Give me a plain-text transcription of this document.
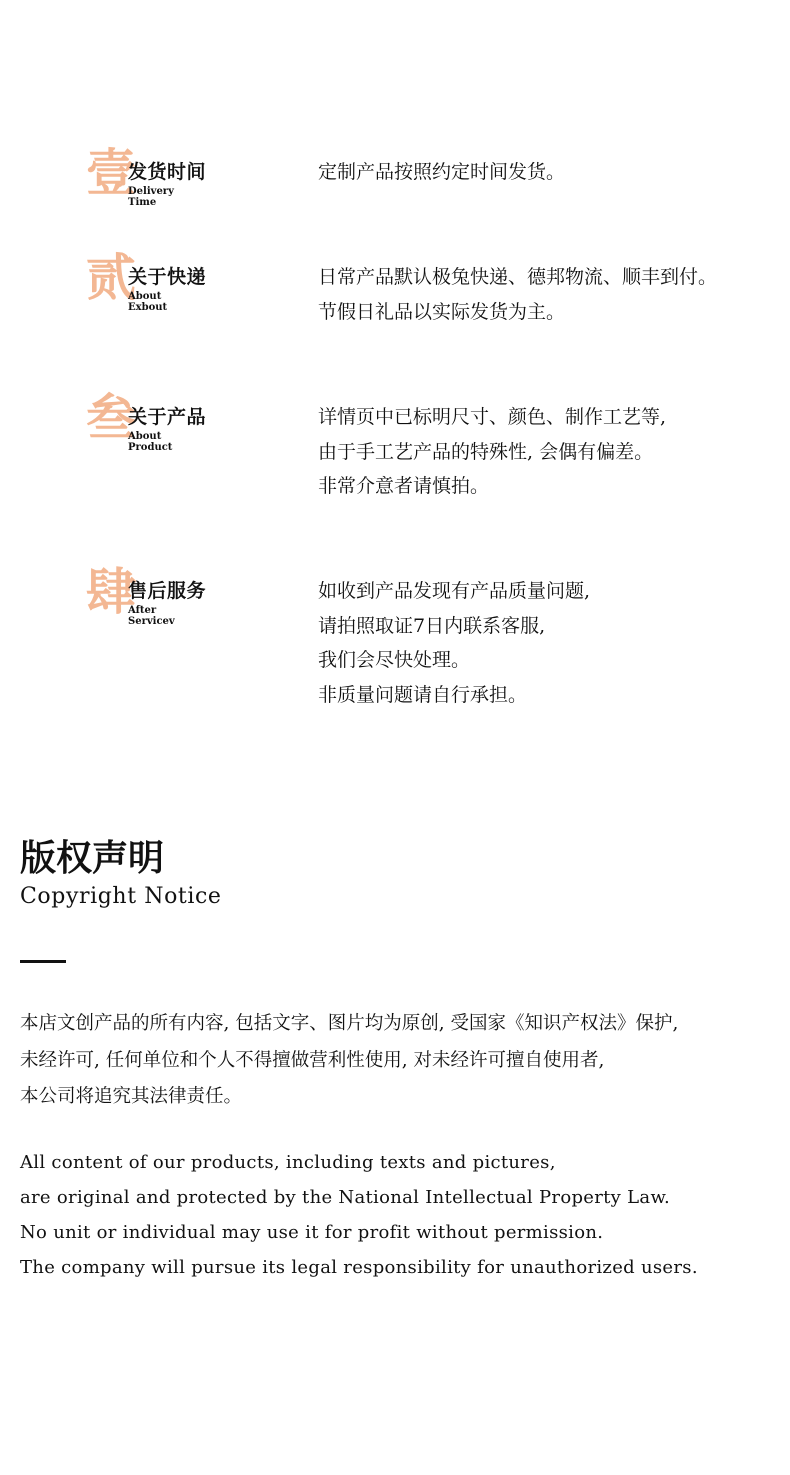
壹
发货时间
Delivery
Time
定制产品按照约定时间发货。
贰
关于快递
About
Exbout
日常产品默认极兔快递、德邦物流、顺丰到付。
节假日礼品以实际发货为主。
叁
关于产品
About
Product
详情页中已标明尺寸、颜色、制作工艺等,
由于手工艺产品的特殊性, 会偶有偏差。
非常介意者请慎拍。
肆
售后服务
After
Servicev
如收到产品发现有产品质量问题,
请拍照取证7日内联系客服,
我们会尽快处理。
非质量问题请自行承担。
版权声明
Copyright Notice
本店文创产品的所有内容, 包括文字、图片均为原创, 受国家《知识产权法》保护,
未经许可, 任何单位和个人不得擅做营利性使用, 对未经许可擅自使用者,
本公司将追究其法律责任。
All content of our products, including texts and pictures,
are original and protected by the National Intellectual Property Law.
No unit or individual may use it for profit without permission.
The company will pursue its legal responsibility for unauthorized users.
